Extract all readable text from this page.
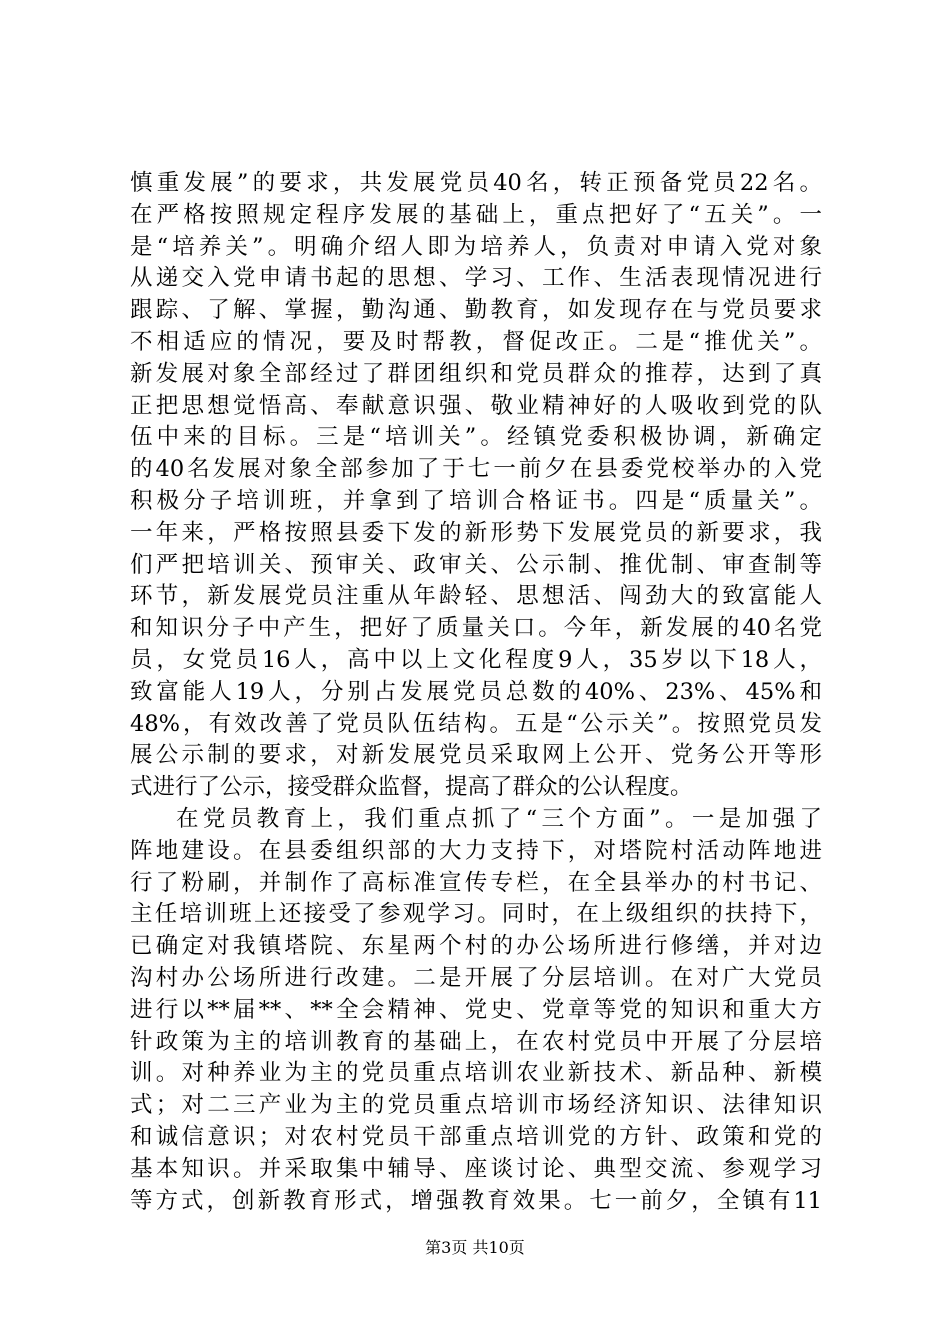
慎重发展”的要求，共发展党员40名，转正预备党员22名。
在严格按照规定程序发展的基础上，重点把好了“五关”。一
是“培养关”。明确介绍人即为培养人，负责对申请入党对象
从递交入党申请书起的思想、学习、工作、生活表现情况进行
跟踪、了解、掌握，勤沟通、勤教育，如发现存在与党员要求
不相适应的情况，要及时帮教，督促改正。二是“推优关”。
新发展对象全部经过了群团组织和党员群众的推荐，达到了真
正把思想觉悟高、奉献意识强、敬业精神好的人吸收到党的队
伍中来的目标。三是“培训关”。经镇党委积极协调，新确定
的40名发展对象全部参加了于七一前夕在县委党校举办的入党
积极分子培训班，并拿到了培训合格证书。四是“质量关”。
一年来，严格按照县委下发的新形势下发展党员的新要求，我
们严把培训关、预审关、政审关、公示制、推优制、审查制等
环节，新发展党员注重从年龄轻、思想活、闯劲大的致富能人
和知识分子中产生，把好了质量关口。今年，新发展的40名党
员，女党员16人，高中以上文化程度9人，35岁以下18人，
致富能人19人，分别占发展党员总数的40%、23%、45%和
48%，有效改善了党员队伍结构。五是“公示关”。按照党员发
展公示制的要求，对新发展党员采取网上公开、党务公开等形
式进行了公示，接受群众监督，提高了群众的公认程度。
在党员教育上，我们重点抓了“三个方面”。一是加强了
阵地建设。在县委组织部的大力支持下，对塔院村活动阵地进
行了粉刷，并制作了高标准宣传专栏，在全县举办的村书记、
主任培训班上还接受了参观学习。同时，在上级组织的扶持下，
已确定对我镇塔院、东星两个村的办公场所进行修缮，并对边
沟村办公场所进行改建。二是开展了分层培训。在对广大党员
进行以**届**、**全会精神、党史、党章等党的知识和重大方
针政策为主的培训教育的基础上，在农村党员中开展了分层培
训。对种养业为主的党员重点培训农业新技术、新品种、新模
式；对二三产业为主的党员重点培训市场经济知识、法律知识
和诚信意识；对农村党员干部重点培训党的方针、政策和党的
基本知识。并采取集中辅导、座谈讨论、典型交流、参观学习
等方式，创新教育形式，增强教育效果。七一前夕，全镇有11
第3页 共10页
